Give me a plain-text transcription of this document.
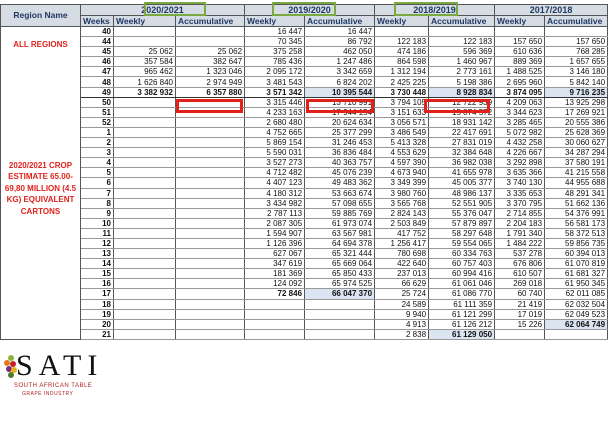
Region Name	2020/2021			2019/2020		2018/2019		2017/2018	
	Weeks	Weekly	Accumulative	Weekly	Accumulative	Weekly	Accumulative	Weekly	Accumulative

ALL REGIONS
2020/2021 CROP ESTIMATE 65.00-69,80 MILLION (4.5 KG) EQUIVALENT CARTONS	40			16 447	16 447				
	44			70 345	86 792	122 183	122 183	157 650	157 650
	45	25 062	25 062	375 258	462 050	474 186	596 369	610 636	768 285
	46	357 584	382 647	785 436	1 247 486	864 598	1 460 967	889 369	1 657 655
	47	965 462	1 323 046	2 095 172	3 342 659	1 312 194	2 773 161	1 488 525	3 146 180
	48	1 626 840	2 974 949	3 481 543	6 824 202	2 425 225	5 198 386	2 695 960	5 842 140
	49	3 382 932	6 357 880	3 571 342	10 395 544	3 730 448	8 928 834	3 874 095	9 716 235
	50			3 315 446	13 710 991	3 794 105	12 722 939	4 209 063	13 925 298
	51			4 233 163	17 944 154	3 151 633	15 874 572	3 344 623	17 269 921
	52			2 680 480	20 624 634	3 056 571	18 931 142	3 285 465	20 555 386
	1			4 752 665	25 377 299	3 486 549	22 417 691	5 072 982	25 628 369
	2			5 869 154	31 246 453	5 413 328	27 831 019	4 432 258	30 060 627
	3			5 590 031	36 836 484	4 553 629	32 384 648	4 226 667	34 287 294
	4			3 527 273	40 363 757	4 597 390	36 982 038	3 292 898	37 580 191
	5			4 712 482	45 076 239	4 673 940	41 655 978	3 635 366	41 215 558
	6			4 407 123	49 483 362	3 349 399	45 005 377	3 740 130	44 955 688
	7			4 180 312	53 663 674	3 980 760	48 986 137	3 335 653	48 291 341
	8			3 434 982	57 098 655	3 565 768	52 551 905	3 370 795	51 662 136
	9			2 787 113	59 885 769	2 824 143	55 376 047	2 714 855	54 376 991
	10			2 087 305	61 973 074	2 503 849	57 879 897	2 204 183	56 581 173
	11			1 594 907	63 567 981	417 752	58 297 648	1 791 340	58 372 513
	12			1 126 396	64 694 378	1 256 417	59 554 065	1 484 222	59 856 735
	13			627 067	65 321 444	780 698	60 334 763	537 278	60 394 013
	14			347 619	65 669 064	422 640	60 757 403	676 806	61 070 819
	15			181 369	65 850 433	237 013	60 994 416	610 507	61 681 327
	16			124 092	65 974 525	66 629	61 061 046	269 018	61 950 345
	17			72 846	66 047 370	25 724	61 086 770	60 740	62 011 085
	18					24 589	61 111 359	21 419	62 032 504
	19					9 940	61 121 299	17 019	62 049 523
	20					4 913	61 126 212	15 226	62 064 749
	21					2 838	61 129 050		
SATI
SOUTH AFRICAN TABLE
GRAPE INDUSTRY
